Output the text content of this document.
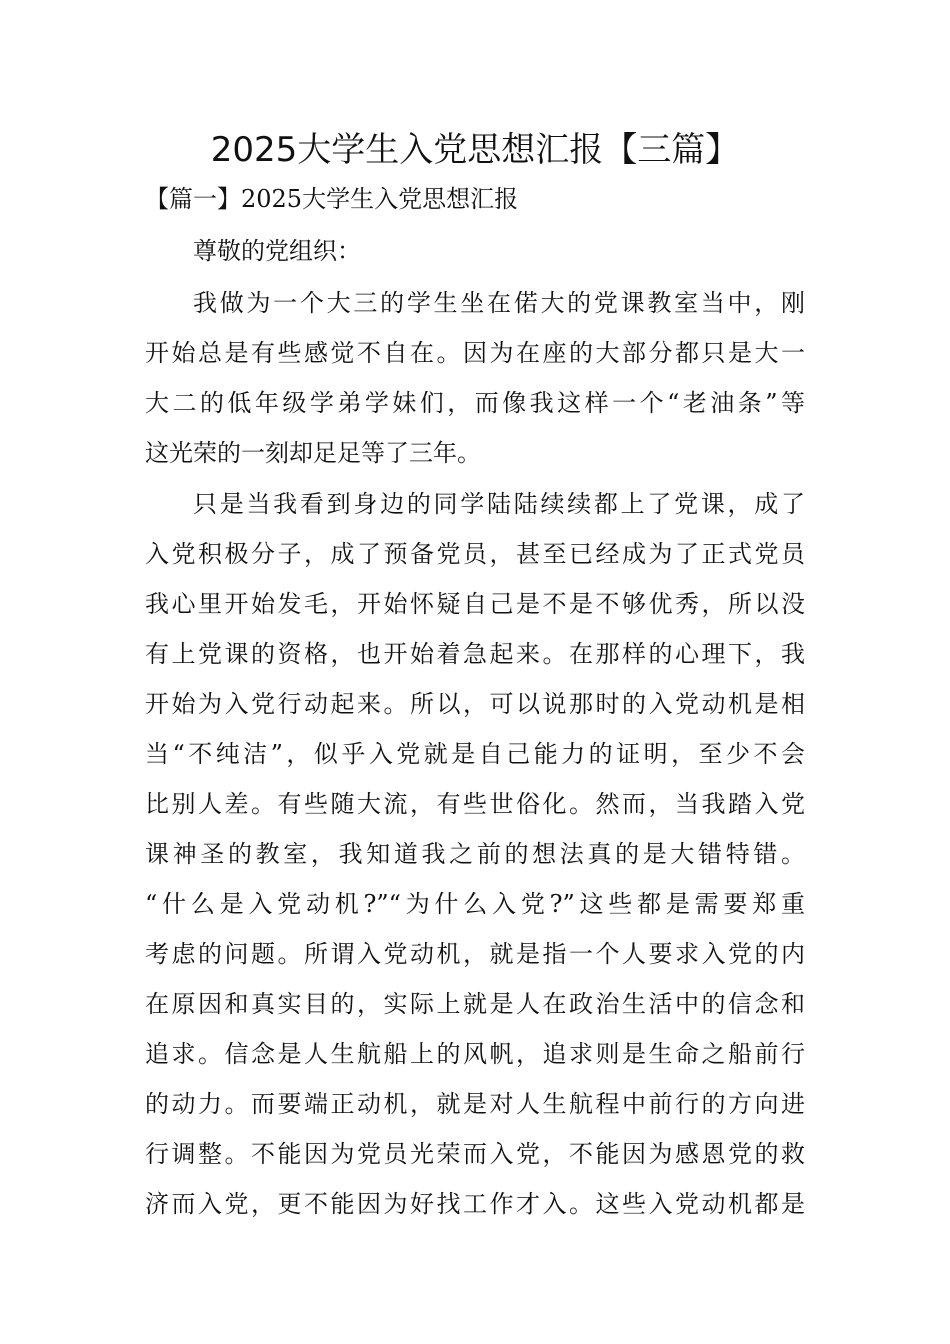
2025大学生入党思想汇报【三篇】
【篇一】2025大学生入党思想汇报
尊敬的党组织：
我做为一个大三的学生坐在偌大的党课教室当中，刚
开始总是有些感觉不自在。因为在座的大部分都只是大一
大二的低年级学弟学妹们，而像我这样一个“老油条”等
这光荣的一刻却足足等了三年。
只是当我看到身边的同学陆陆续续都上了党课，成了
入党积极分子，成了预备党员，甚至已经成为了正式党员
我心里开始发毛，开始怀疑自己是不是不够优秀，所以没
有上党课的资格，也开始着急起来。在那样的心理下，我
开始为入党行动起来。所以，可以说那时的入党动机是相
当“不纯洁”，似乎入党就是自己能力的证明，至少不会
比别人差。有些随大流，有些世俗化。然而，当我踏入党
课神圣的教室，我知道我之前的想法真的是大错特错。
“什么是入党动机?”“为什么入党?”这些都是需要郑重
考虑的问题。所谓入党动机，就是指一个人要求入党的内
在原因和真实目的，实际上就是人在政治生活中的信念和
追求。信念是人生航船上的风帆，追求则是生命之船前行
的动力。而要端正动机，就是对人生航程中前行的方向进
行调整。不能因为党员光荣而入党，不能因为感恩党的救
济而入党，更不能因为好找工作才入。这些入党动机都是
